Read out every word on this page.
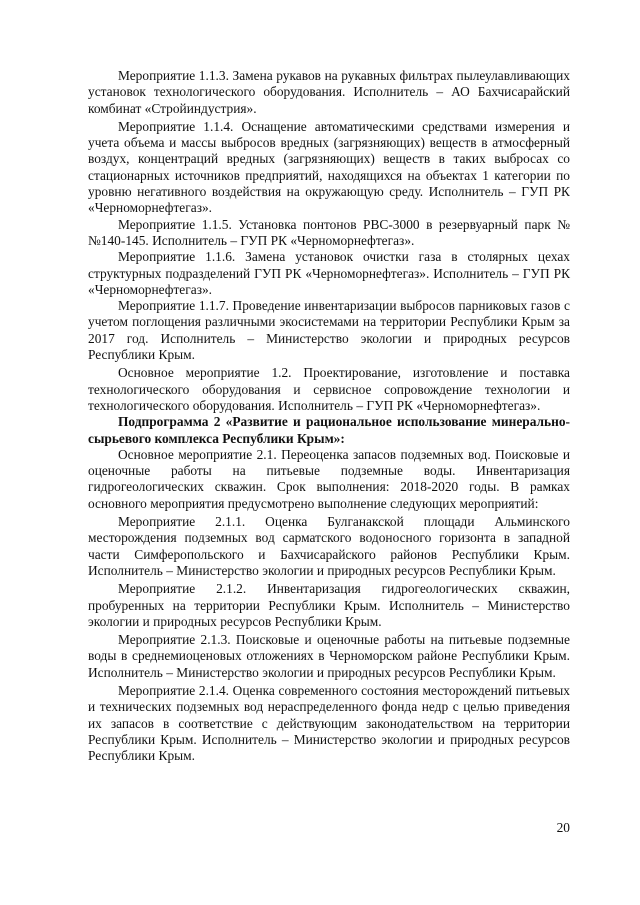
Мероприятие 1.1.3. Замена рукавов на рукавных фильтрах пылеулавливающих установок технологического оборудования. Исполнитель – АО Бахчисарайский комбинат «Стройиндустрия».

Мероприятие 1.1.4. Оснащение автоматическими средствами измерения и учета объема и массы выбросов вредных (загрязняющих) веществ в атмосферный воздух, концентраций вредных (загрязняющих) веществ в таких выбросах со стационарных источников предприятий, находящихся на объектах 1 категории по уровню негативного воздействия на окружающую среду. Исполнитель – ГУП РК «Черноморнефтегаз».

Мероприятие 1.1.5. Установка понтонов РВС-3000 в резервуарный парк №№140-145. Исполнитель – ГУП РК «Черноморнефтегаз».

Мероприятие 1.1.6. Замена установок очистки газа в столярных цехах структурных подразделений ГУП РК «Черноморнефтегаз». Исполнитель – ГУП РК «Черноморнефтегаз».

Мероприятие 1.1.7. Проведение инвентаризации выбросов парниковых газов с учетом поглощения различными экосистемами на территории Республики Крым за 2017 год. Исполнитель – Министерство экологии и природных ресурсов Республики Крым.

Основное мероприятие 1.2. Проектирование, изготовление и поставка технологического оборудования и сервисное сопровождение технологии и технологического оборудования. Исполнитель – ГУП РК «Черноморнефтегаз».

Подпрограмма 2 «Развитие и рациональное использование минерально-сырьевого комплекса Республики Крым»:

Основное мероприятие 2.1. Переоценка запасов подземных вод. Поисковые и оценочные работы на питьевые подземные воды. Инвентаризация гидрогеологических скважин. Срок выполнения: 2018-2020 годы. В рамках основного мероприятия предусмотрено выполнение следующих мероприятий:

Мероприятие 2.1.1. Оценка Булганакской площади Альминского месторождения подземных вод сарматского водоносного горизонта в западной части Симферопольского и Бахчисарайского районов Республики Крым. Исполнитель – Министерство экологии и природных ресурсов Республики Крым.

Мероприятие 2.1.2. Инвентаризация гидрогеологических скважин, пробуренных на территории Республики Крым. Исполнитель – Министерство экологии и природных ресурсов Республики Крым.

Мероприятие 2.1.3. Поисковые и оценочные работы на питьевые подземные воды в среднемиоценовых отложениях в Черноморском районе Республики Крым. Исполнитель – Министерство экологии и природных ресурсов Республики Крым.

Мероприятие 2.1.4. Оценка современного состояния месторождений питьевых и технических подземных вод нераспределенного фонда недр с целью приведения их запасов в соответствие с действующим законодательством на территории Республики Крым. Исполнитель – Министерство экологии и природных ресурсов Республики Крым.

20
